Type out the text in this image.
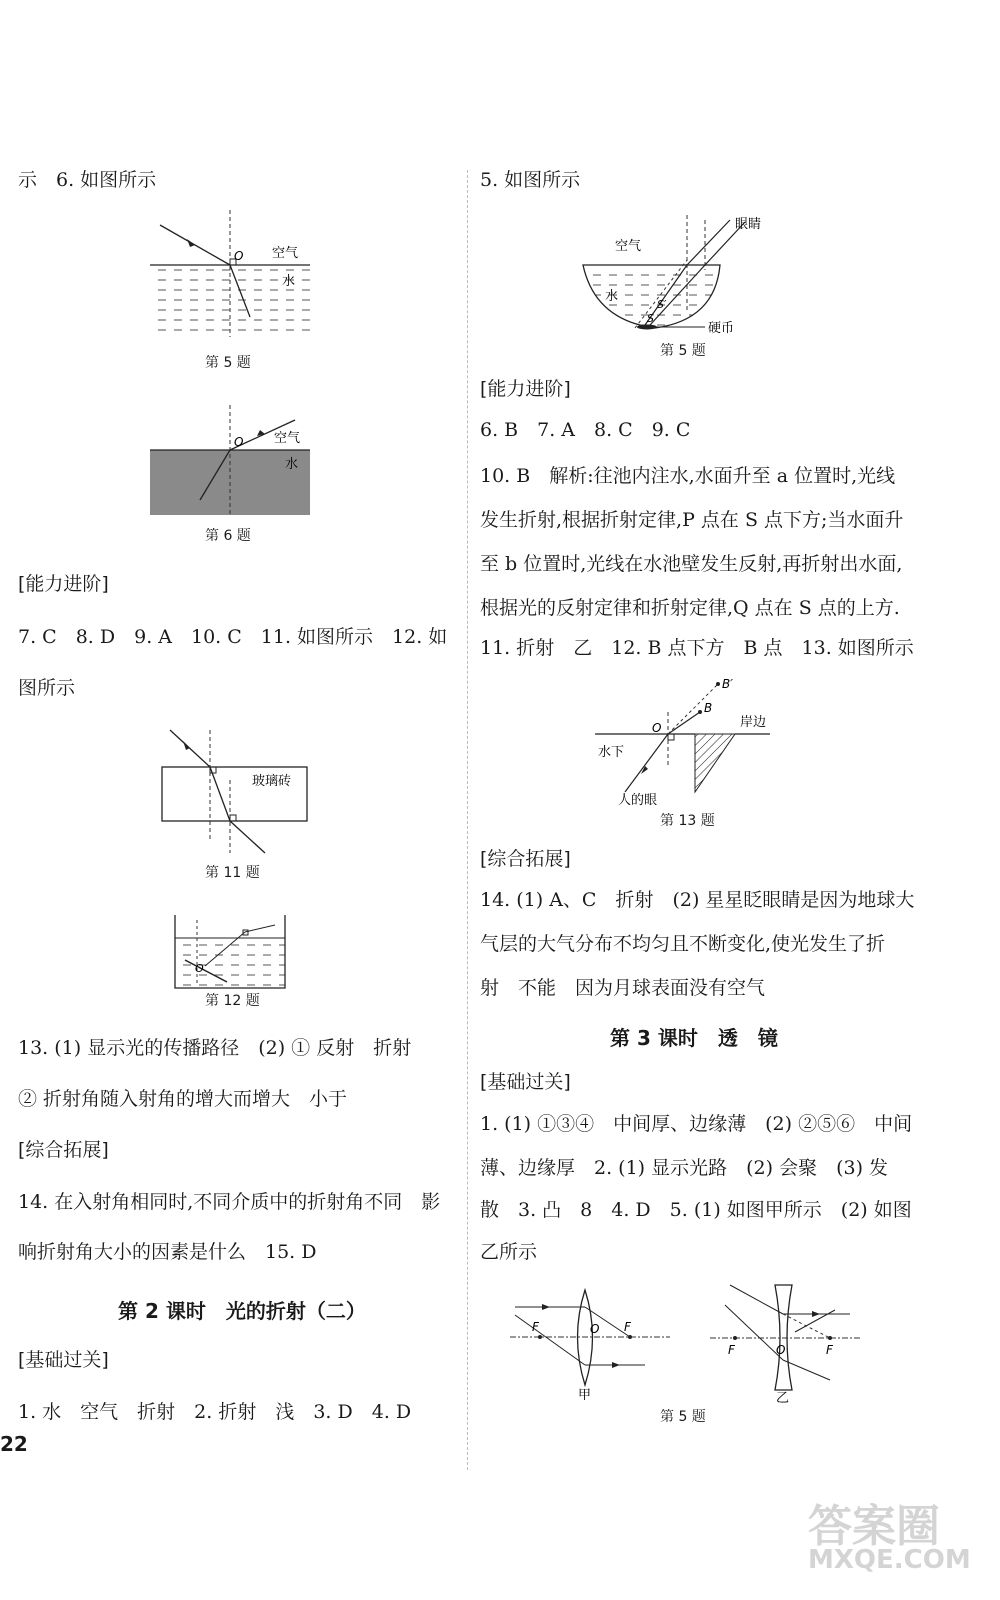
示　6. 如图所示
O 空气
水
第 5 题
O 空气
水
第 6 题
[能力进阶]
7. C　8. D　9. A　10. C　11. 如图所示　12. 如
图所示
玻璃砖
第 11 题
O
第 12 题
13. (1) 显示光的传播路径　(2) ① 反射　折射
② 折射角随入射角的增大而增大　小于
[综合拓展]
14. 在入射角相同时,不同介质中的折射角不同　影
响折射角大小的因素是什么　15. D
第 2 课时　光的折射（二）
[基础过关]
1. 水　空气　折射　2. 折射　浅　3. D　4. D
22
5. 如图所示
眼睛
空气
水
S′
S
硬币
第 5 题
[能力进阶]
6. B　7. A　8. C　9. C
10. B　解析:往池内注水,水面升至 a 位置时,光线
发生折射,根据折射定律,P 点在 S 点下方;当水面升
至 b 位置时,光线在水池壁发生反射,再折射出水面,
根据光的反射定律和折射定律,Q 点在 S 点的上方.
11. 折射　乙　12. B 点下方　B 点　13. 如图所示
O
B
B′
岸边
水下
人的眼
第 13 题
[综合拓展]
14. (1) A、C　折射　(2) 星星眨眼睛是因为地球大
气层的大气分布不均匀且不断变化,使光发生了折
射　不能　因为月球表面没有空气
第 3 课时　透　镜
[基础过关]
1. (1) ①③④　中间厚、边缘薄　(2) ②⑤⑥　中间
薄、边缘厚　2. (1) 显示光路　(2) 会聚　(3) 发
散　3. 凸　8　4. D　5. (1) 如图甲所示　(2) 如图
乙所示
F	O F
甲
F	O	F
乙
第 5 题
答案圈
MXQE.COM
